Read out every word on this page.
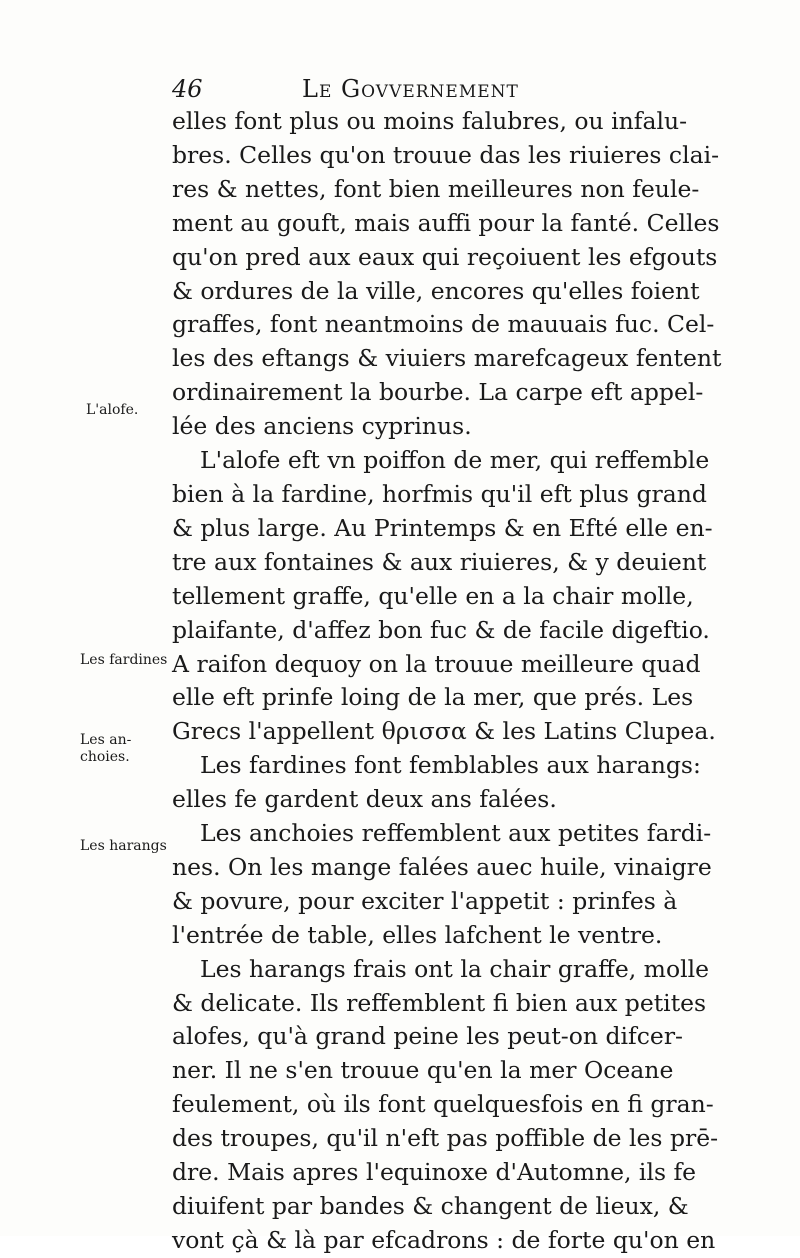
46	Le Govvernement
elles font plus ou moins falubres, ou infalu-
bres. Celles qu'on trouue das les riuieres clai-
res & nettes, font bien meilleures non feule-
ment au gouft, mais auffi pour la fanté. Celles
qu'on pred aux eaux qui reçoiuent les efgouts
& ordures de la ville, encores qu'elles foient
graffes, font neantmoins de mauuais fuc. Cel-
les des eftangs & viuiers marefcageux fentent
ordinairement la bourbe. La carpe eft appel-
lée des anciens cyprinus.
L'alofe eft vn poiffon de mer, qui reffemble
bien à la fardine, horfmis qu'il eft plus grand
& plus large. Au Printemps & en Efté elle en-
tre aux fontaines & aux riuieres, & y deuient
tellement graffe, qu'elle en a la chair molle,
plaifante, d'affez bon fuc & de facile digeftio.
A raifon dequoy on la trouue meilleure quad
elle eft prinfe loing de la mer, que prés. Les
Grecs l'appellent θρισσα & les Latins Clupea.
Les fardines font femblables aux harangs:
elles fe gardent deux ans falées.
Les anchoies reffemblent aux petites fardi-
nes. On les mange falées auec huile, vinaigre
& povure, pour exciter l'appetit : prinfes à
l'entrée de table, elles lafchent le ventre.
Les harangs frais ont la chair graffe, molle
& delicate. Ils reffemblent fi bien aux petites
alofes, qu'à grand peine les peut-on difcer-
ner. Il ne s'en trouue qu'en la mer Oceane
feulement, où ils font quelquesfois en fi gran-
des troupes, qu'il n'eft pas poffible de les prē-
dre. Mais apres l'equinoxe d'Automne, ils fe
diuifent par bandes & changent de lieux, &
vont çà & là par efcadrons : de forte qu'on en
L'alofe.
Les fardines
Les an-
choies.
Les harangs
